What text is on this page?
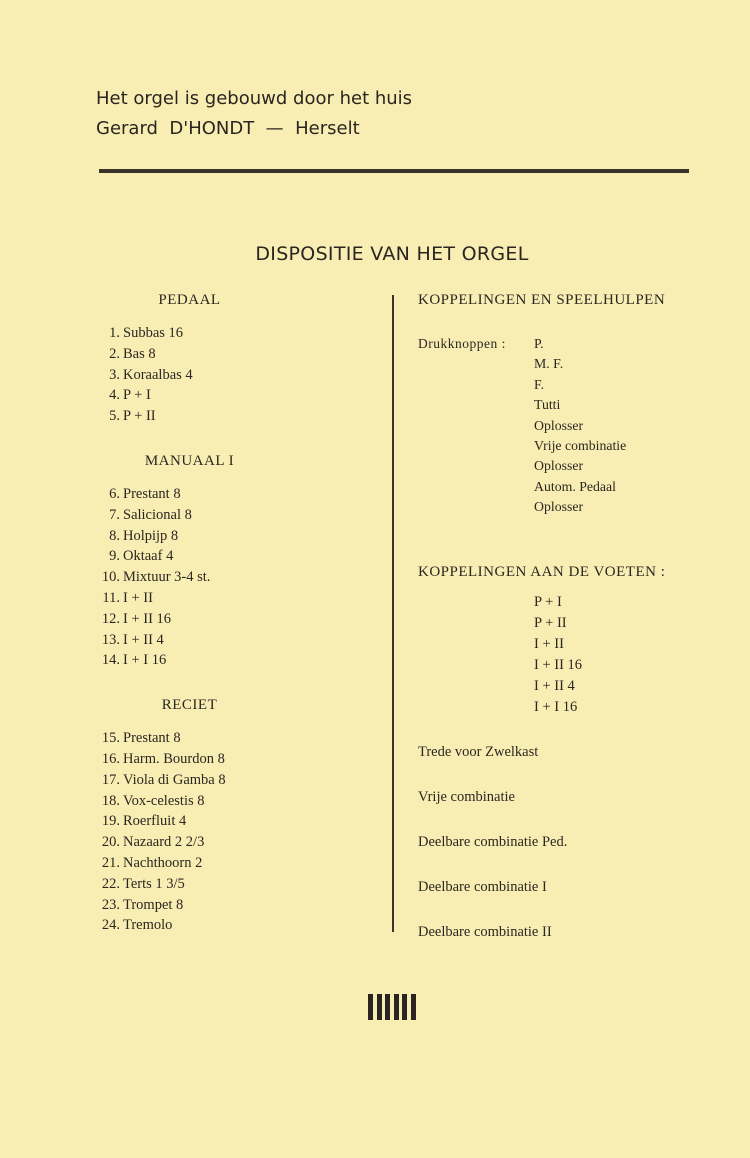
Het orgel is gebouwd door het huis
Gerard  D'HONDT  —  Herselt
DISPOSITIE VAN HET ORGEL
PEDAAL
1. Subbas 16
2. Bas 8
3. Koraalbas 4
4. P + I
5. P + II
MANUAAL I
6. Prestant 8
7. Salicional 8
8. Holpijp 8
9. Oktaaf 4
10. Mixtuur 3-4 st.
11. I + II
12. I + II 16
13. I + II 4
14. I + I 16
RECIET
15. Prestant 8
16. Harm. Bourdon 8
17. Viola di Gamba 8
18. Vox-celestis 8
19. Roerfluit 4
20. Nazaard 2 2/3
21. Nachthoorn 2
22. Terts 1 3/5
23. Trompet 8
24. Tremolo
KOPPELINGEN EN SPEELHULPEN
Drukknoppen :	P.
M. F.
F.
Tutti
Oplosser
Vrije combinatie
Oplosser
Autom. Pedaal
Oplosser
KOPPELINGEN AAN DE VOETEN :
P + I
P + II
I + II
I + II 16
I + II 4
I + I 16
Trede voor Zwelkast
Vrije combinatie
Deelbare combinatie Ped.
Deelbare combinatie I
Deelbare combinatie II
